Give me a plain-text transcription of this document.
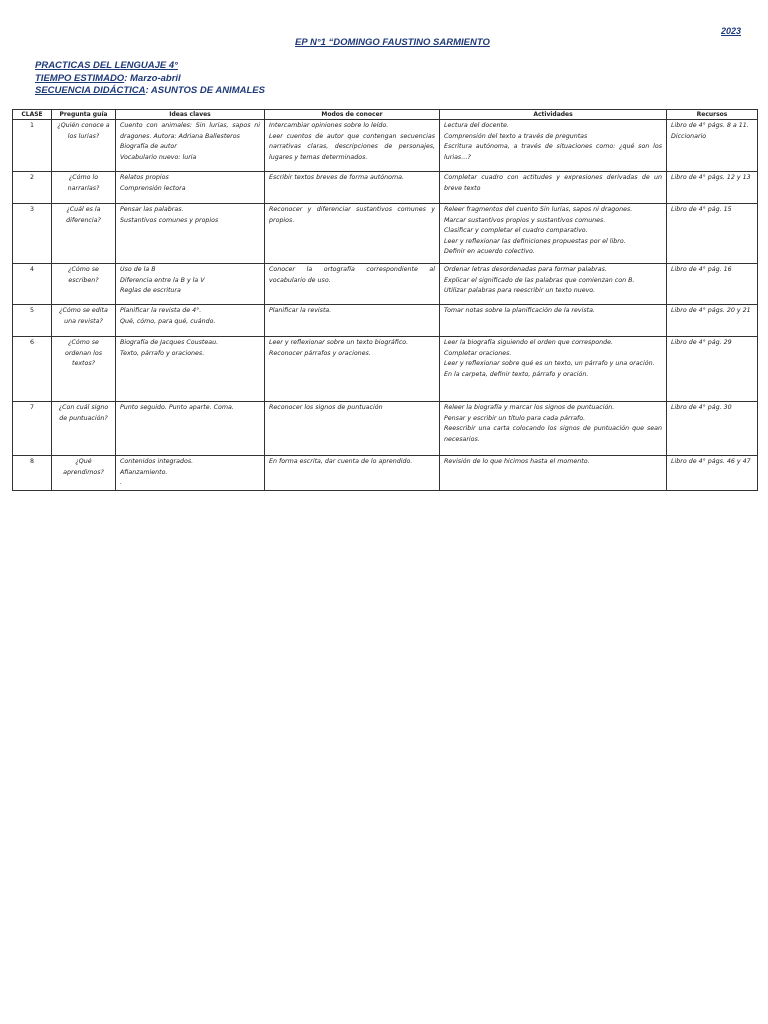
2023
EP N°1 “DOMINGO FAUSTINO SARMIENTO
PRACTICAS DEL LENGUAJE 4°
TIEMPO ESTIMADO: Marzo-abril
SECUENCIA DIDÁCTICA: ASUNTOS DE ANIMALES
CLASE	Pregunta guía	Ideas claves	Modos de conocer	Actividades	Recursos
1	¿Quién conoce a los lurias?	Cuento con animales: Sin lurias, sapos ni dragones. Autora: Adriana Ballesteros
Biografía de autor
Vocabulario nuevo: luria	Intercambiar opiniones sobre lo leído.
Leer cuentos de autor que contengan secuencias narrativas claras, descripciones de personajes, lugares y temas determinados.	Lectura del docente.
Comprensión del texto a través de preguntas
Escritura autónoma, a través de situaciones como: ¿qué son los lurias…?	Libro de 4° págs. 8 a 11.
Diccionario

2	¿Cómo lo narrarías?	Relatos propios
Comprensión lectora	Escribir textos breves de forma autónoma.	Completar cuadro con actitudes y expresiones derivadas de un breve texto	Libro de 4° págs. 12 y 13

3	¿Cuál es la diferencia?	Pensar las palabras.
Sustantivos comunes y propios	Reconocer y diferenciar sustantivos comunes y propios.	Releer fragmentos del cuento Sin lurias, sapos ni dragones.
Marcar sustantivos propios y sustantivos comunes.
Clasificar y completar el cuadro comparativo.
Leer y reflexionar las definiciones propuestas por el libro.
Definir en acuerdo colectivo.	Libro de 4° pág. 15

4	¿Cómo se escriben?	Uso de la B
Diferencia entre la B y la V
Reglas de escritura	Conocer la ortografía correspondiente al vocabulario de uso.	Ordenar letras desordenadas para formar palabras.
Explicar el significado de las palabras que comienzan con B.
Utilizar palabras para reescribir un texto nuevo.	Libro de 4° pág. 16

5	¿Cómo se edita una revista?	Planificar la revista de 4°.
Qué, cómo, para qué, cuándo.	Planificar la revista.	Tomar notas sobre la planificación de la revista.	Libro de 4° págs. 20 y 21

6	¿Cómo se ordenan los textos?	Biografía de Jacques Cousteau.
Texto, párrafo y oraciones.	Leer y reflexionar sobre un texto biográfico.
Reconocer párrafos y oraciones.	Leer la biografía siguiendo el orden que corresponde.
Completar oraciones.
Leer y reflexionar sobre qué es un texto, un párrafo y una oración.
En la carpeta, definir texto, párrafo y oración.	Libro de 4° pág. 29

7	¿Con cuál signo de puntuación?	Punto seguido. Punto aparte. Coma.	Reconocer los signos de puntuación	Releer la biografía y marcar los signos de puntuación.
Pensar y escribir un título para cada párrafo.
Reescribir una carta colocando los signos de puntuación que sean necesarios.	Libro de 4° pág. 30

8	¿Qué aprendimos?	Contenidos integrados.
Afianzamiento.
.	En forma escrita, dar cuenta de lo aprendido.	Revisión de lo que hicimos hasta el momento.	Libro de 4° págs. 46 y 47
